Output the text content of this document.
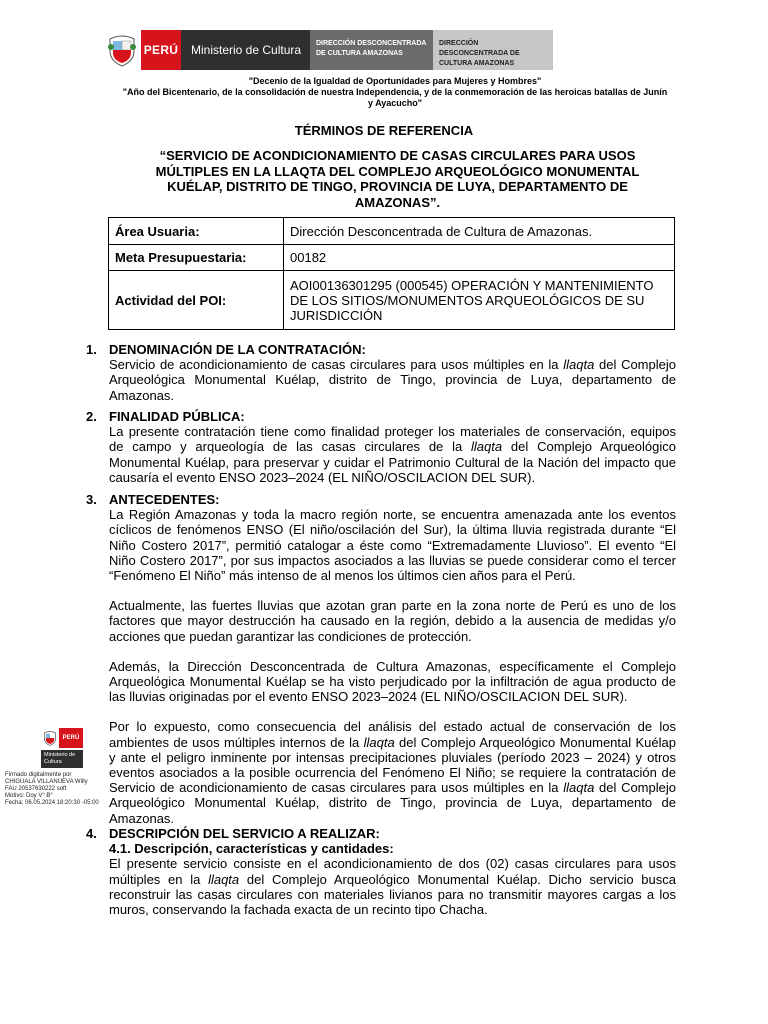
PERÚ	Ministerio de Cultura	DIRECCIÓN DESCONCENTRADA DE CULTURA AMAZONAS
DIRECCIÓN DESCONCENTRADA DE CULTURA AMAZONAS
"Decenio de la Igualdad de Oportunidades para Mujeres y Hombres"
"Año del Bicentenario, de la consolidación de nuestra Independencia, y de la conmemoración de las heroicas batallas de Junín y Ayacucho"
TÉRMINOS DE REFERENCIA
“SERVICIO DE ACONDICIONAMIENTO DE CASAS CIRCULARES PARA USOS MÚLTIPLES EN LA LLAQTA DEL COMPLEJO ARQUEOLÓGICO MONUMENTAL KUÉLAP, DISTRITO DE TINGO, PROVINCIA DE LUYA, DEPARTAMENTO DE AMAZONAS”.
Área Usuaria:	Dirección Desconcentrada de Cultura de Amazonas.
Meta Presupuestaria:	00182
Actividad del POI:	AOI00136301295 (000545) OPERACIÓN Y MANTENIMIENTO DE LOS SITIOS/MONUMENTOS ARQUEOLÓGICOS DE SU JURISDICCIÓN
1. DENOMINACIÓN DE LA CONTRATACIÓN:

Servicio de acondicionamiento de casas circulares para usos múltiples en la llaqta del Complejo Arqueológica Monumental Kuélap, distrito de Tingo, provincia de Luya, departamento de Amazonas.

2. FINALIDAD PÚBLICA:

La presente contratación tiene como finalidad proteger los materiales de conservación, equipos de campo y arqueología de las casas circulares de la llaqta del Complejo Arqueológico Monumental Kuélap, para preservar y cuidar el Patrimonio Cultural de la Nación del impacto que causaría el evento ENSO 2023–2024 (EL NIÑO/OSCILACION DEL SUR).

3. ANTECEDENTES:

La Región Amazonas y toda la macro región norte, se encuentra amenazada ante los eventos cíclicos de fenómenos ENSO (El niño/oscilación del Sur), la última lluvia registrada durante “El Niño Costero 2017”, permitió catalogar a éste como “Extremadamente Lluvioso”. El evento “El Niño Costero 2017”, por sus impactos asociados a las lluvias se puede considerar como el tercer “Fenómeno El Niño” más intenso de al menos los últimos cien años para el Perú.

Actualmente, las fuertes lluvias que azotan gran parte en la zona norte de Perú es uno de los factores que mayor destrucción ha causado en la región, debido a la ausencia de medidas y/o acciones que puedan garantizar las condiciones de protección.

Además, la Dirección Desconcentrada de Cultura Amazonas, específicamente el Complejo Arqueológica Monumental Kuélap se ha visto perjudicado por la infiltración de agua producto de las lluvias originadas por el evento ENSO 2023–2024 (EL NIÑO/OSCILACION DEL SUR).

Por lo expuesto, como consecuencia del análisis del estado actual de conservación de los ambientes de usos múltiples internos de la llaqta del Complejo Arqueológico Monumental Kuélap y ante el peligro inminente por intensas precipitaciones pluviales (período 2023 – 2024) y otros eventos asociados a la posible ocurrencia del Fenómeno El Niño; se requiere la contratación de Servicio de acondicionamiento de casas circulares para usos múltiples en la llaqta del Complejo Arqueológico Monumental Kuélap, distrito de Tingo, provincia de Luya, departamento de Amazonas.

4. DESCRIPCIÓN DEL SERVICIO A REALIZAR:
4.1. Descripción, características y cantidades:

El presente servicio consiste en el acondicionamiento de dos (02) casas circulares para usos múltiples en la llaqta del Complejo Arqueológico Monumental Kuélap. Dicho servicio busca reconstruir las casas circulares con materiales livianos para no transmitir mayores cargas a los muros, conservando la fachada exacta de un recinto tipo Chacha.

PERÚ
Ministerio de Cultura
Firmado digitalmente por
CHIGUALA VILLANUEVA Willy
FAU 20537630222 soft
Motivo: Doy V° B°
Fecha: 06.05.2024 18:20:30 -05:00
